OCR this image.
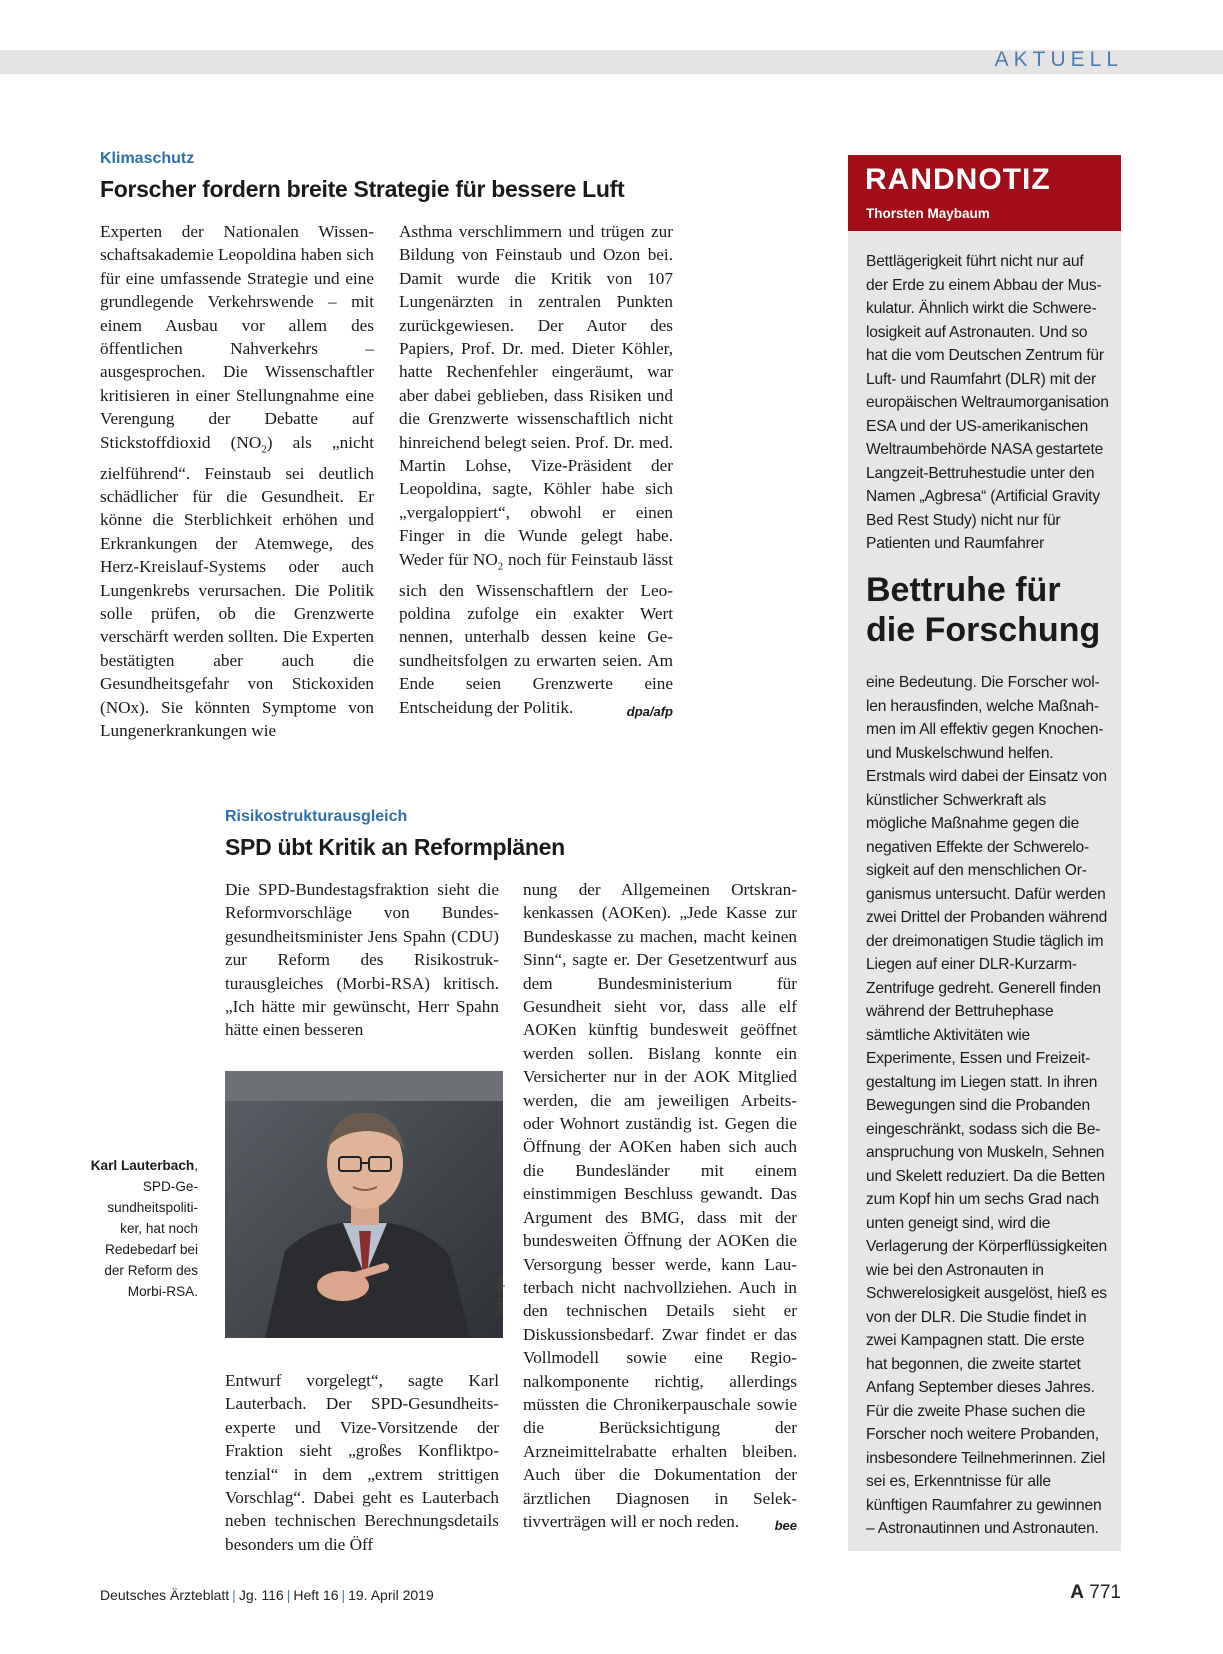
AKTUELL
Klimaschutz
Forscher fordern breite Strategie für bessere Luft

Experten der Nationalen Wissenschaftsakademie Leopoldina haben sich für eine umfassende Strategie und eine grundlegende Verkehrswende – mit einem Ausbau vor allem des öffentlichen Nahverkehrs – ausgesprochen. Die Wissenschaftler kritisieren in einer Stellungnahme eine Verengung der Debatte auf Stickstoffdioxid $(NO_2)$ als „nicht zielführend“. Feinstaub sei deutlich schädlicher für die Gesundheit. Er könne die Sterblichkeit erhöhen und Erkrankungen der Atemwege, des Herz-Kreislauf-Systems oder auch Lungenkrebs verursachen. Die Politik solle prüfen, ob die Grenzwerte verschärft werden sollten. Die Experten bestätigten aber auch die Gesundheitsgefahr von Stickoxiden (NOx). Sie könnten Symptome von Lungenerkrankungen wie

Asthma verschlimmern und trügen zur Bildung von Feinstaub und Ozon bei. Damit wurde die Kritik von 107 Lungenärzten in zentralen Punkten zurückgewiesen. Der Autor des Papiers, Prof. Dr. med. Dieter Köhler, hatte Rechenfehler eingeräumt, war aber dabei geblieben, dass Risiken und die Grenzwerte wissenschaftlich nicht hinreichend belegt seien. Prof. Dr. med. Martin Lohse, Vize-Präsident der Leopoldina, sagte, Köhler habe sich „vergaloppiert“, obwohl er einen Finger in die Wunde gelegt habe. Weder für $NO_2$ noch für Feinstaub lässt sich den Wissenschaftlern der Leopoldina zufolge ein exakter Wert nennen, unterhalb dessen keine Gesundheitsfolgen zu erwarten seien. Am Ende seien Grenzwerte eine Entscheidung der Politik.	dpa/afp

Risikostrukturausgleich
SPD übt Kritik an Reformplänen

Die SPD-Bundestagsfraktion sieht die Reformvorschläge von Bundesgesundheitsminister Jens Spahn (CDU) zur Reform des Risikostrukturausgleiches (Morbi-RSA) kritisch. „Ich hätte mir gewünscht, Herr Spahn hätte einen besseren

Foto: dpa
Karl Lauterbach, SPD-Gesundheitspolitiker, hat noch Redebedarf bei der Reform des Morbi-RSA.

Entwurf vorgelegt“, sagte Karl Lauterbach. Der SPD-Gesundheitsexperte und Vize-Vorsitzende der Fraktion sieht „großes Konfliktpotenzial“ in dem „extrem strittigen Vorschlag“. Dabei geht es Lauterbach neben technischen Berechnungsdetails besonders um die Öff

nung der Allgemeinen Ortskrankenkassen (AOKen). „Jede Kasse zur Bundeskasse zu machen, macht keinen Sinn“, sagte er. Der Gesetzentwurf aus dem Bundesministerium für Gesundheit sieht vor, dass alle elf AOKen künftig bundesweit geöffnet werden sollen. Bislang konnte ein Versicherter nur in der AOK Mitglied werden, die am jeweiligen Arbeits- oder Wohnort zuständig ist. Gegen die Öffnung der AOKen haben sich auch die Bundesländer mit einem einstimmigen Beschluss gewandt. Das Argument des BMG, dass mit der bundesweiten Öffnung der AOKen die Versorgung besser werde, kann Lauterbach nicht nachvollziehen. Auch in den technischen Details sieht er Diskussionsbedarf. Zwar findet er das Vollmodell sowie eine Regionalkomponente richtig, allerdings müssten die Chronikerpauschale sowie die Berücksichtigung der Arzneimittelrabatte erhalten bleiben. Auch über die Dokumentation der ärztlichen Diagnosen in Selektivverträgen will er noch reden.	bee

RANDNOTIZ
Thorsten Maybaum
Bettlägerigkeit führt nicht nur auf der Erde zu einem Abbau der Muskulatur. Ähnlich wirkt die Schwerelosigkeit auf Astronauten. Und so hat die vom Deutschen Zentrum für Luft- und Raumfahrt (DLR) mit der europäischen Weltraumorganisation ESA und der US-amerikanischen Weltraumbehörde NASA gestartete Langzeit-Bettruhestudie unter den Namen „Agbresa“ (Artificial Gravity Bed Rest Study) nicht nur für Patienten und Raumfahrer
Bettruhe für die Forschung
eine Bedeutung. Die Forscher wollen herausfinden, welche Maßnahmen im All effektiv gegen Knochen- und Muskelschwund helfen. Erstmals wird dabei der Einsatz von künstlicher Schwerkraft als mögliche Maßnahme gegen die negativen Effekte der Schwerelosigkeit auf den menschlichen Organismus untersucht. Dafür werden zwei Drittel der Probanden während der dreimonatigen Studie täglich im Liegen auf einer DLR-Kurzarm-Zentrifuge gedreht. Generell finden während der Bettruhephase sämtliche Aktivitäten wie Experimente, Essen und Freizeitgestaltung im Liegen statt. In ihren Bewegungen sind die Probanden eingeschränkt, sodass sich die Beanspruchung von Muskeln, Sehnen und Skelett reduziert. Da die Betten zum Kopf hin um sechs Grad nach unten geneigt sind, wird die Verlagerung der Körperflüssigkeiten wie bei den Astronauten in Schwerelosigkeit ausgelöst, hieß es von der DLR. Die Studie findet in zwei Kampagnen statt. Die erste hat begonnen, die zweite startet Anfang September dieses Jahres. Für die zweite Phase suchen die Forscher noch weitere Probanden, insbesondere Teilnehmerinnen. Ziel sei es, Erkenntnisse für alle künftigen Raumfahrer zu gewinnen – Astronautinnen und Astronauten.
Deutsches Ärzteblatt | Jg. 116 | Heft 16 | 19. April 2019	A 771
